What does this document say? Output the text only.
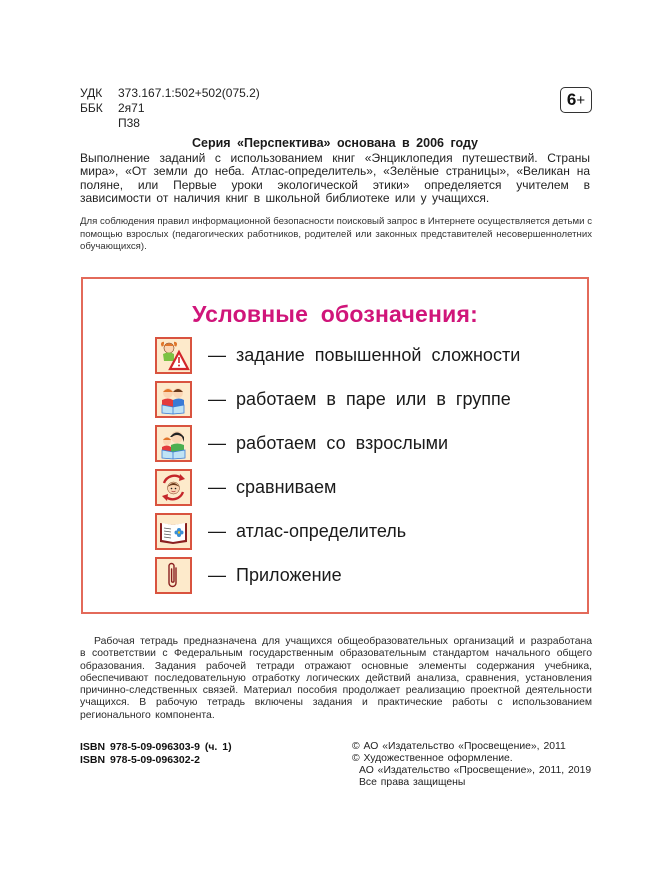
УДК 373.167.1:502+502(075.2)
ББК 2я71
П38
6+
Серия «Перспектива» основана в 2006 году
Выполнение заданий с использованием книг «Энциклопедия путешествий. Страны мира», «От земли до неба. Атлас-определитель», «Зелёные страницы», «Великан на поляне, или Первые уроки экологической этики» определяется учителем в зависимости от наличия книг в школьной библиотеке или у учащихся.
Для соблюдения правил информационной безопасности поисковый запрос в Интернете осуществляется детьми с помощью взрослых (педагогических работников, родителей или законных представителей несовершеннолетних обучающихся).
Условные обозначения:
— задание повышенной сложности
— работаем в паре или в группе
— работаем со взрослыми
— сравниваем
— атлас-определитель
— Приложение
Рабочая тетрадь предназначена для учащихся общеобразовательных организаций и разработана в соответствии с Федеральным государственным образовательным стандартом начального общего образования. Задания рабочей тетради отражают основные элементы содержания учебника, обеспечивают последовательную отработку логических действий анализа, сравнения, установления причинно-следственных связей. Материал пособия продолжает реализацию проектной деятельности учащихся. В рабочую тетрадь включены задания и практические работы с использованием регионального компонента.
ISBN 978-5-09-096303-9 (ч. 1)
ISBN 978-5-09-096302-2
© АО «Издательство «Просвещение», 2011
© Художественное оформление.
АО «Издательство «Просвещение», 2011, 2019
Все права защищены
